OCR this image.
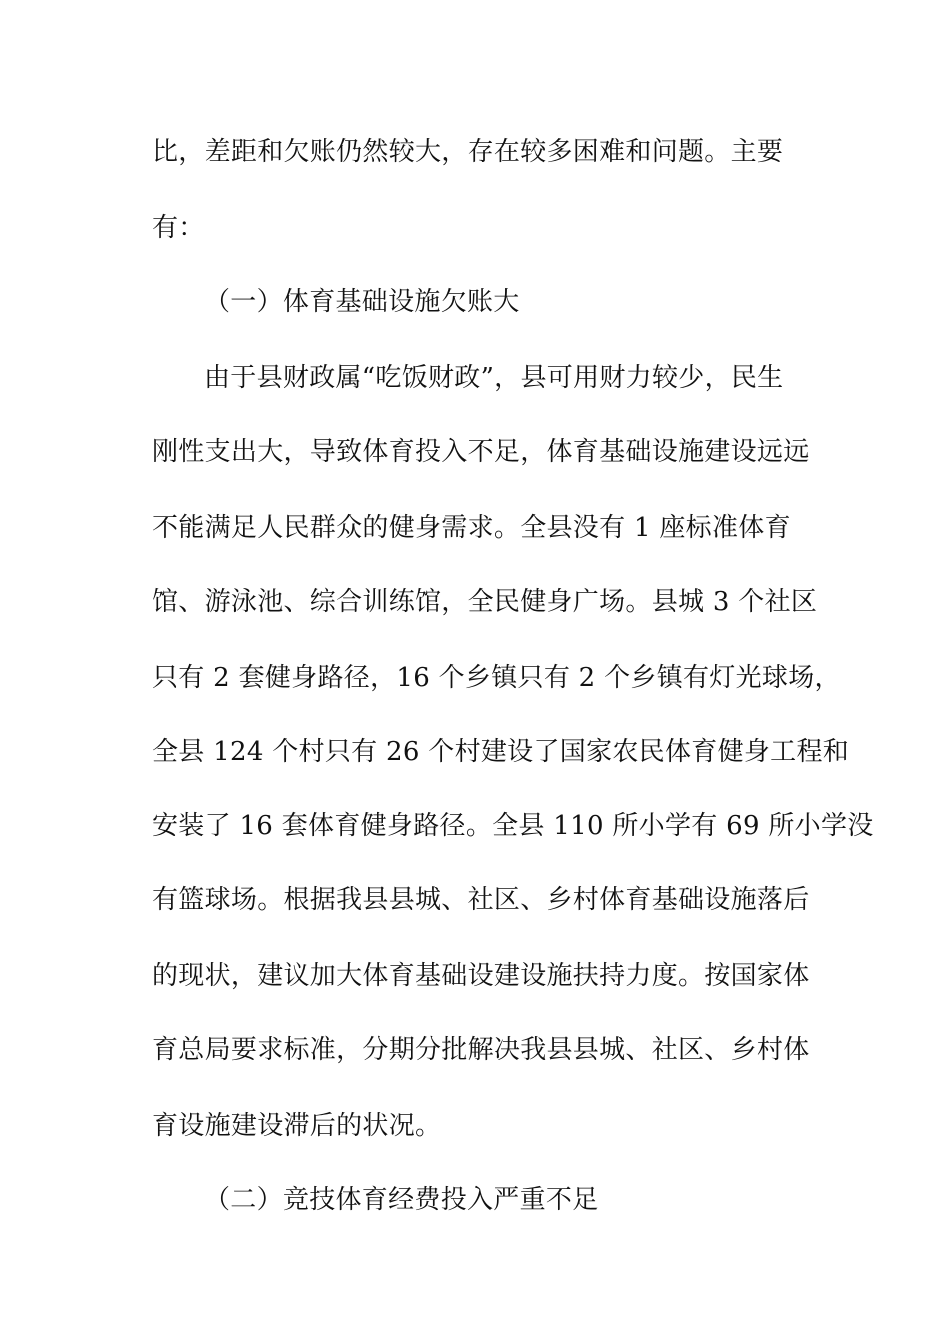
比，差距和欠账仍然较大，存在较多困难和问题。主要
有：
（一）体育基础设施欠账大
由于县财政属“吃饭财政”，县可用财力较少，民生
刚性支出大，导致体育投入不足，体育基础设施建设远远
不能满足人民群众的健身需求。全县没有 1 座标准体育
馆、游泳池、综合训练馆，全民健身广场。县城 3 个社区
只有 2 套健身路径，16 个乡镇只有 2 个乡镇有灯光球场，
全县 124 个村只有 26 个村建设了国家农民体育健身工程和
安装了 16 套体育健身路径。全县 110 所小学有 69 所小学没
有篮球场。根据我县县城、社区、乡村体育基础设施落后
的现状，建议加大体育基础设建设施扶持力度。按国家体
育总局要求标准，分期分批解决我县县城、社区、乡村体
育设施建设滞后的状况。
（二）竞技体育经费投入严重不足
